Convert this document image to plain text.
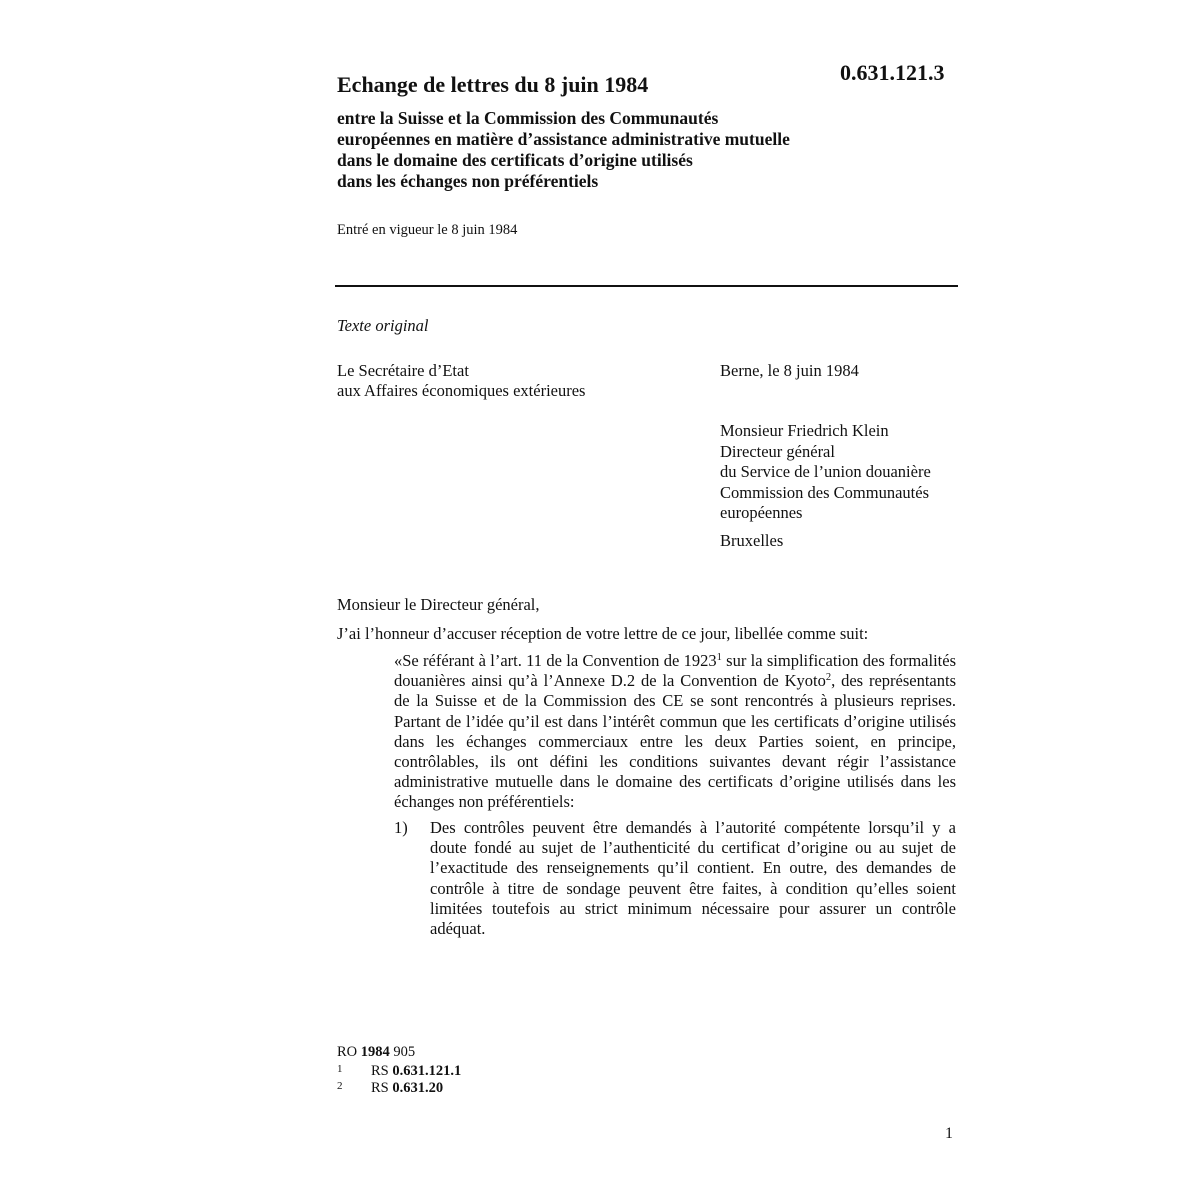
0.631.121.3
Echange de lettres du 8 juin 1984
entre la Suisse et la Commission des Communautés
européennes en matière d’assistance administrative mutuelle
dans le domaine des certificats d’origine utilisés
dans les échanges non préférentiels
Entré en vigueur le 8 juin 1984
Texte original
Le Secrétaire d’Etat
aux Affaires économiques extérieures
Berne, le 8 juin 1984
Monsieur Friedrich Klein
Directeur général
du Service de l’union douanière
Commission des Communautés
européennes
Bruxelles
Monsieur le Directeur général,
J’ai l’honneur d’accuser réception de votre lettre de ce jour, libellée comme suit:
«Se référant à l’art. 11 de la Convention de 1923$^1$ sur la simplification des formalités douanières ainsi qu’à l’Annexe D.2 de la Convention de Kyoto$^2$, des représentants de la Suisse et de la Commission des CE se sont rencontrés à plusieurs reprises. Partant de l’idée qu’il est dans l’intérêt commun que les certificats d’origine utilisés dans les échanges commerciaux entre les deux Parties soient, en principe, contrôlables, ils ont défini les conditions suivantes devant régir l’assistance administrative mutuelle dans le domaine des certificats d’origine utilisés dans les échanges non préférentiels:
1) Des contrôles peuvent être demandés à l’autorité compétente lorsqu’il y a doute fondé au sujet de l’authenticité du certificat d’origine ou au sujet de l’exactitude des renseignements qu’il contient. En outre, des demandes de contrôle à titre de sondage peuvent être faites, à condition qu’elles soient limitées toutefois au strict minimum nécessaire pour assurer un contrôle adéquat.
RO 1984 905
1 RS 0.631.121.1
2 RS 0.631.20
1
